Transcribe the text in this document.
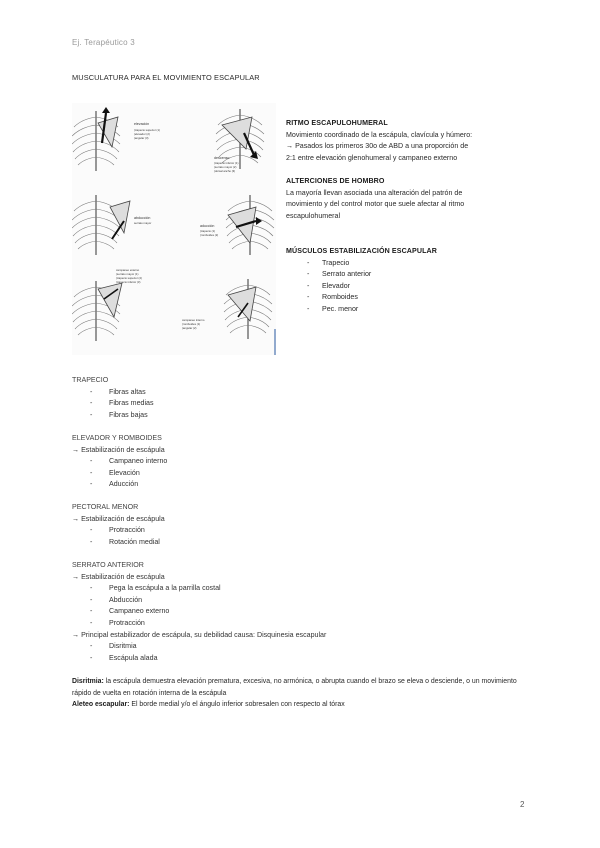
Ej. Terapéutico 3
MUSCULATURA PARA EL MOVIMIENTO ESCAPULAR
elevación
(trapecio superior (1)
(elevador (2)
(angular (3)
descenso
(trapecio inferior (1)
(serrato mayor (2)
(dorsal ancho (3)
abducción
serrato mayor
aducción
(trapecio (1)
(romboides (2)
campaneo externo
(serrato mayor (1)
(trapecio superior (2)
(trapecio inferior (3)
campaneo interno
(romboides (1)
(angular (2)
RITMO ESCAPULOHUMERAL
Movimiento coordinado de la escápula, clavícula y húmero:
→ Pasados los primeros 30o de ABD a una proporción de
2:1 entre elevación glenohumeral y campaneo externo
ALTERCIONES DE HOMBRO
La mayoría llevan asociada una alteración del patrón de
movimiento y del control motor que suele afectar al ritmo
escapulohumeral
MÚSCULOS ESTABILIZACIÓN ESCAPULAR
- Trapecio
- Serrato anterior
- Elevador
- Romboides
- Pec. menor
TRAPECIO
- Fibras altas
- Fibras medias
- Fibras bajas
ELEVADOR Y ROMBOIDES
→ Estabilización de escápula
- Campaneo interno
- Elevación
- Aducción
PECTORAL MENOR
→ Estabilización de escápula
- Protracción
- Rotación medial
SERRATO ANTERIOR
→ Estabilización de escápula
- Pega la escápula a la parrilla costal
- Abducción
- Campaneo externo
- Protracción
→ Principal estabilizador de escápula, su debilidad causa: Disquinesia escapular
- Disritmia
- Escápula alada
Disritmia: la escápula demuestra elevación prematura, excesiva, no armónica, o abrupta cuando el brazo se eleva o desciende, o un movimiento rápido de vuelta en rotación interna de la escápula
Aleteo escapular: El borde medial y/o el ángulo inferior sobresalen con respecto al tórax
2
